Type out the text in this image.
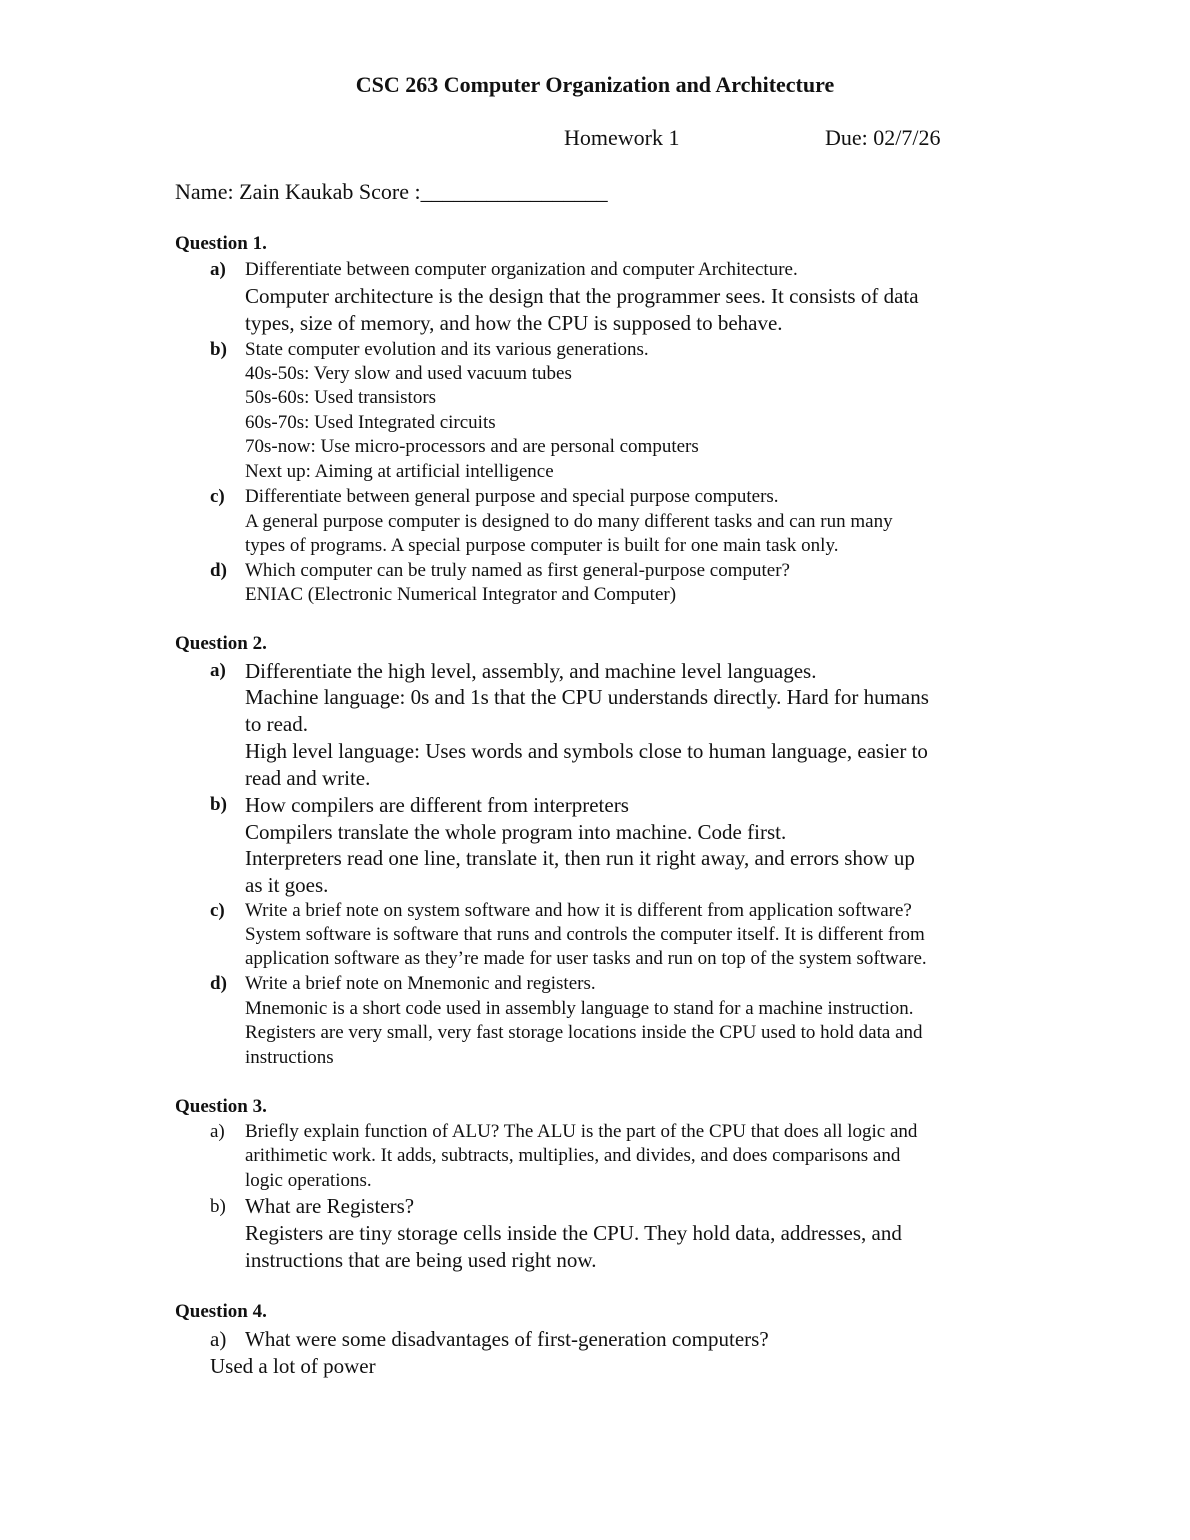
CSC 263 Computer Organization and Architecture
Homework 1	Due: 02/7/26
Name: Zain Kaukab Score :_________________
Question 1.
a) Differentiate between computer organization and computer Architecture.
Computer architecture is the design that the programmer sees. It consists of data
types, size of memory, and how the CPU is supposed to behave.
b) State computer evolution and its various generations.
40s-50s: Very slow and used vacuum tubes
50s-60s: Used transistors
60s-70s: Used Integrated circuits
70s-now: Use micro-processors and are personal computers
Next up: Aiming at artificial intelligence
c) Differentiate between general purpose and special purpose computers.
A general purpose computer is designed to do many different tasks and can run many
types of programs. A special purpose computer is built for one main task only.
d) Which computer can be truly named as first general-purpose computer?
ENIAC (Electronic Numerical Integrator and Computer)
Question 2.
a) Differentiate the high level, assembly, and machine level languages.
Machine language: 0s and 1s that the CPU understands directly. Hard for humans
to read.
High level language: Uses words and symbols close to human language, easier to
read and write.
b) How compilers are different from interpreters
Compilers translate the whole program into machine. Code first.
Interpreters read one line, translate it, then run it right away, and errors show up
as it goes.
c) Write a brief note on system software and how it is different from application software?
System software is software that runs and controls the computer itself. It is different from
application software as they’re made for user tasks and run on top of the system software.
d) Write a brief note on Mnemonic and registers.
Mnemonic is a short code used in assembly language to stand for a machine instruction.
Registers are very small, very fast storage locations inside the CPU used to hold data and
instructions
Question 3.
a) Briefly explain function of ALU? The ALU is the part of the CPU that does all logic and
arithimetic work. It adds, subtracts, multiplies, and divides, and does comparisons and
logic operations.
b) What are Registers?
Registers are tiny storage cells inside the CPU. They hold data, addresses, and
instructions that are being used right now.
Question 4.
a) What were some disadvantages of first-generation computers?
Used a lot of power
